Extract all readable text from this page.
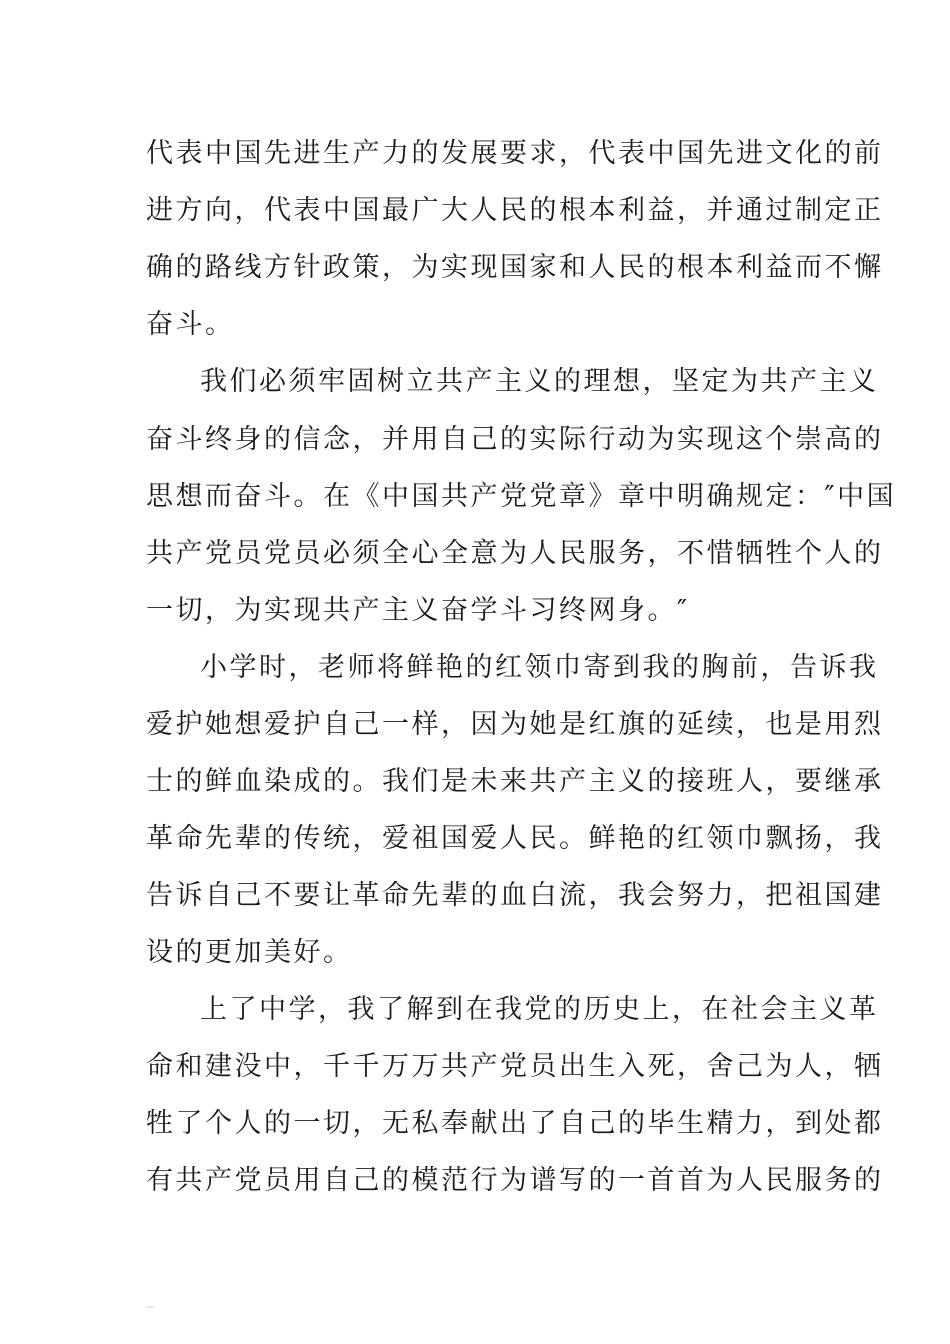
代表中国先进生产力的发展要求，代表中国先进文化的前
进方向，代表中国最广大人民的根本利益，并通过制定正
确的路线方针政策，为实现国家和人民的根本利益而不懈
奋斗。
我们必须牢固树立共产主义的理想，坚定为共产主义
奋斗终身的信念，并用自己的实际行动为实现这个崇高的
思想而奋斗。在《中国共产党党章》章中明确规定：″中国
共产党员党员必须全心全意为人民服务，不惜牺牲个人的
一切，为实现共产主义奋学斗习终网身。″
小学时，老师将鲜艳的红领巾寄到我的胸前，告诉我
爱护她想爱护自己一样，因为她是红旗的延续，也是用烈
士的鲜血染成的。我们是未来共产主义的接班人，要继承
革命先辈的传统，爱祖国爱人民。鲜艳的红领巾飘扬，我
告诉自己不要让革命先辈的血白流，我会努力，把祖国建
设的更加美好。
上了中学，我了解到在我党的历史上，在社会主义革
命和建没中，千千万万共产党员出生入死，舍己为人，牺
牲了个人的一切，无私奉献出了自己的毕生精力，到处都
有共产党员用自己的模范行为谱写的一首首为人民服务的
